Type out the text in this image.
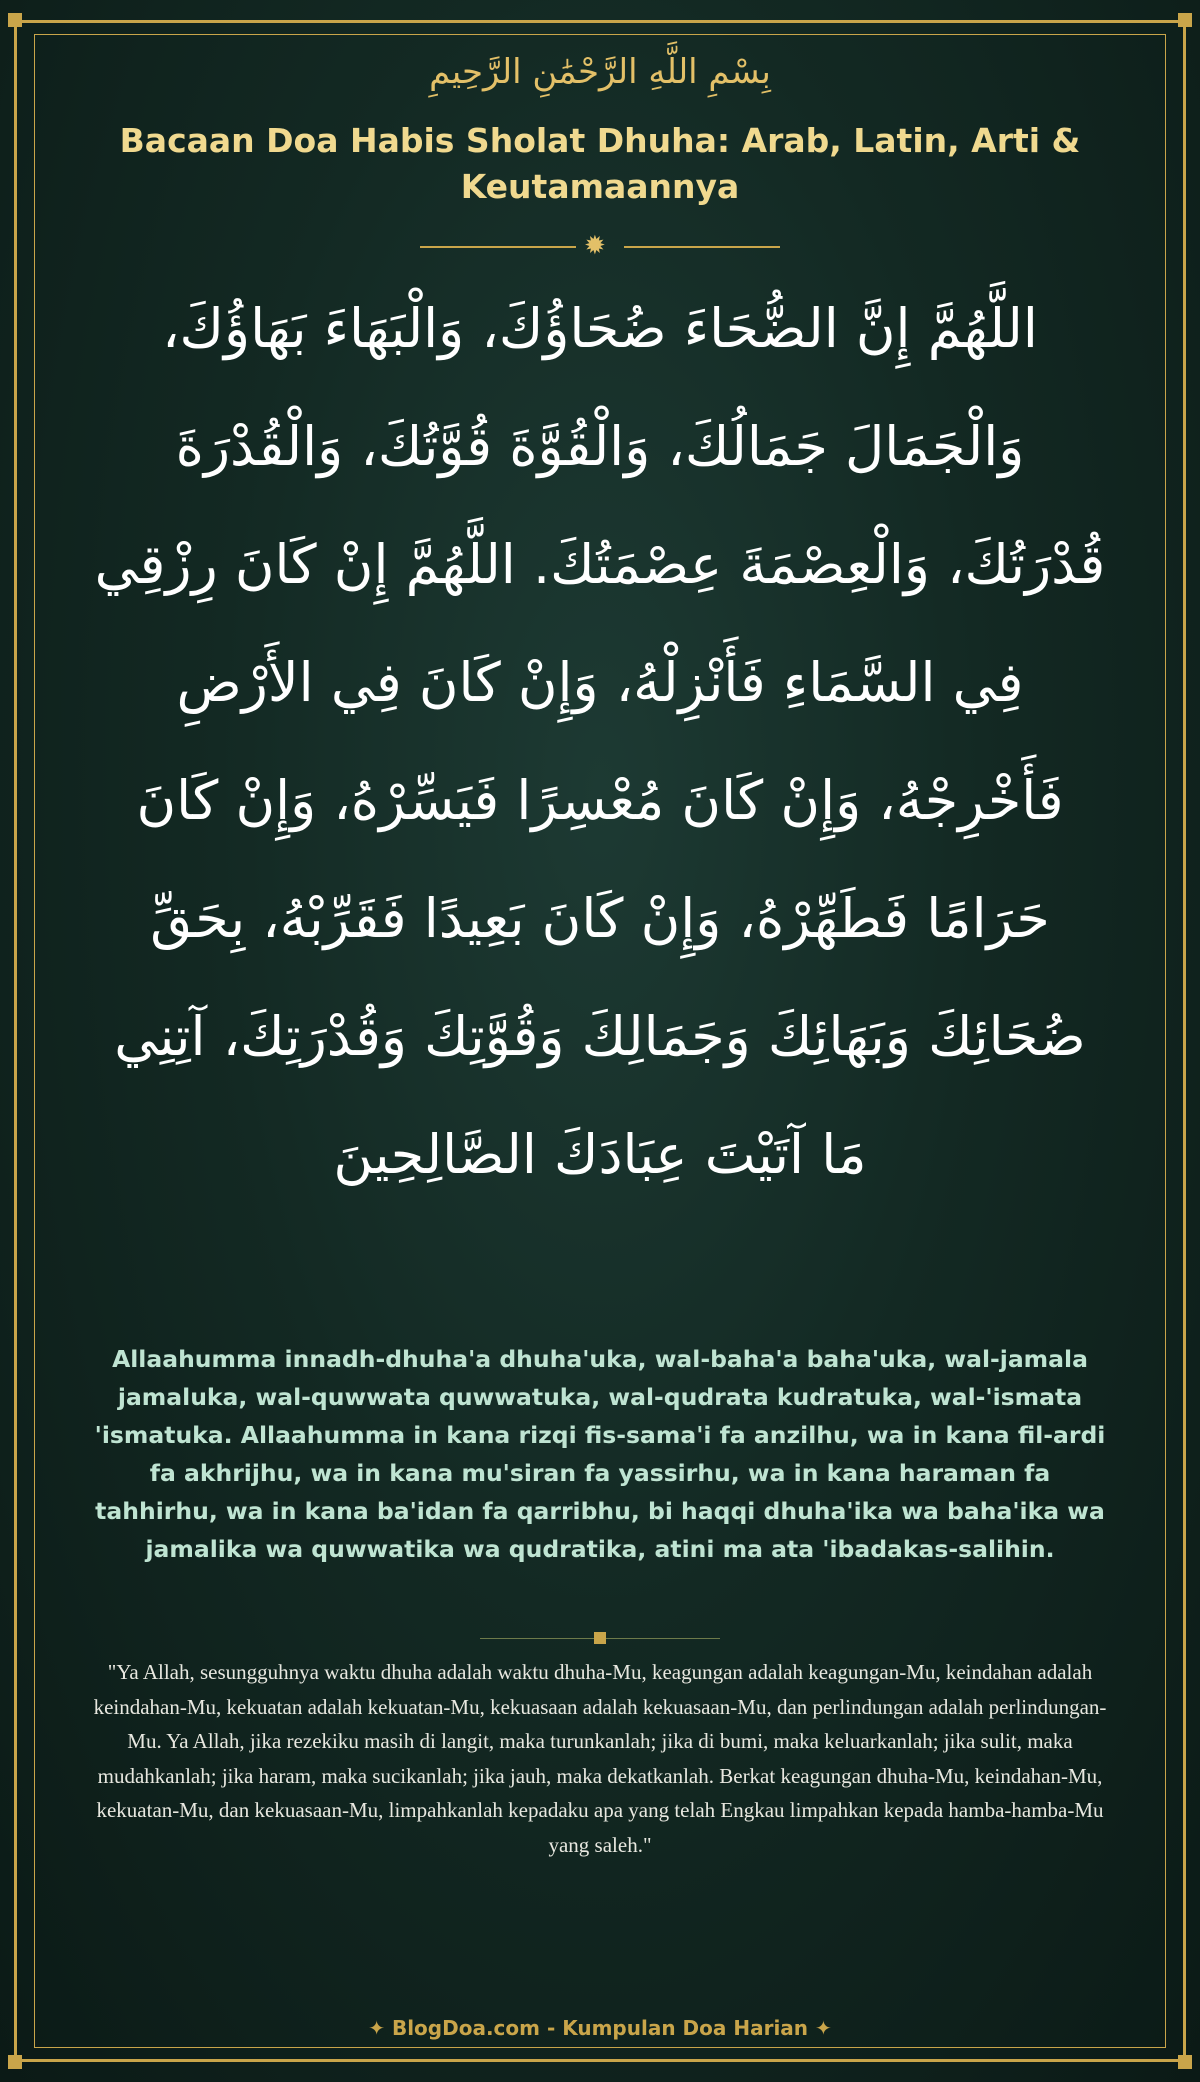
بِسْمِ اللَّهِ الرَّحْمَٰنِ الرَّحِيمِ
Bacaan Doa Habis Sholat Dhuha: Arab, Latin, Arti & Keutamaannya
✹
اللَّهُمَّ إِنَّ الضُّحَاءَ ضُحَاؤُكَ، وَالْبَهَاءَ بَهَاؤُكَ، وَالْجَمَالَ جَمَالُكَ، وَالْقُوَّةَ قُوَّتُكَ، وَالْقُدْرَةَ قُدْرَتُكَ، وَالْعِصْمَةَ عِصْمَتُكَ. اللَّهُمَّ إِنْ كَانَ رِزْقِي فِي السَّمَاءِ فَأَنْزِلْهُ، وَإِنْ كَانَ فِي الأَرْضِ فَأَخْرِجْهُ، وَإِنْ كَانَ مُعْسِرًا فَيَسِّرْهُ، وَإِنْ كَانَ حَرَامًا فَطَهِّرْهُ، وَإِنْ كَانَ بَعِيدًا فَقَرِّبْهُ، بِحَقِّ ضُحَائِكَ وَبَهَائِكَ وَجَمَالِكَ وَقُوَّتِكَ وَقُدْرَتِكَ، آتِنِي مَا آتَيْتَ عِبَادَكَ الصَّالِحِينَ
Allaahumma innadh-dhuha'a dhuha'uka, wal-baha'a baha'uka, wal-jamala jamaluka, wal-quwwata quwwatuka, wal-qudrata kudratuka, wal-'ismata 'ismatuka. Allaahumma in kana rizqi fis-sama'i fa anzilhu, wa in kana fil-ardi fa akhrijhu, wa in kana mu'siran fa yassirhu, wa in kana haraman fa tahhirhu, wa in kana ba'idan fa qarribhu, bi haqqi dhuha'ika wa baha'ika wa jamalika wa quwwatika wa qudratika, atini ma ata 'ibadakas-salihin.
"Ya Allah, sesungguhnya waktu dhuha adalah waktu dhuha-Mu, keagungan adalah keagungan-Mu, keindahan adalah keindahan-Mu, kekuatan adalah kekuatan-Mu, kekuasaan adalah kekuasaan-Mu, dan perlindungan adalah perlindungan-Mu. Ya Allah, jika rezekiku masih di langit, maka turunkanlah; jika di bumi, maka keluarkanlah; jika sulit, maka mudahkanlah; jika haram, maka sucikanlah; jika jauh, maka dekatkanlah. Berkat keagungan dhuha-Mu, keindahan-Mu, kekuatan-Mu, dan kekuasaan-Mu, limpahkanlah kepadaku apa yang telah Engkau limpahkan kepada hamba-hamba-Mu yang saleh."
✦ BlogDoa.com - Kumpulan Doa Harian ✦
